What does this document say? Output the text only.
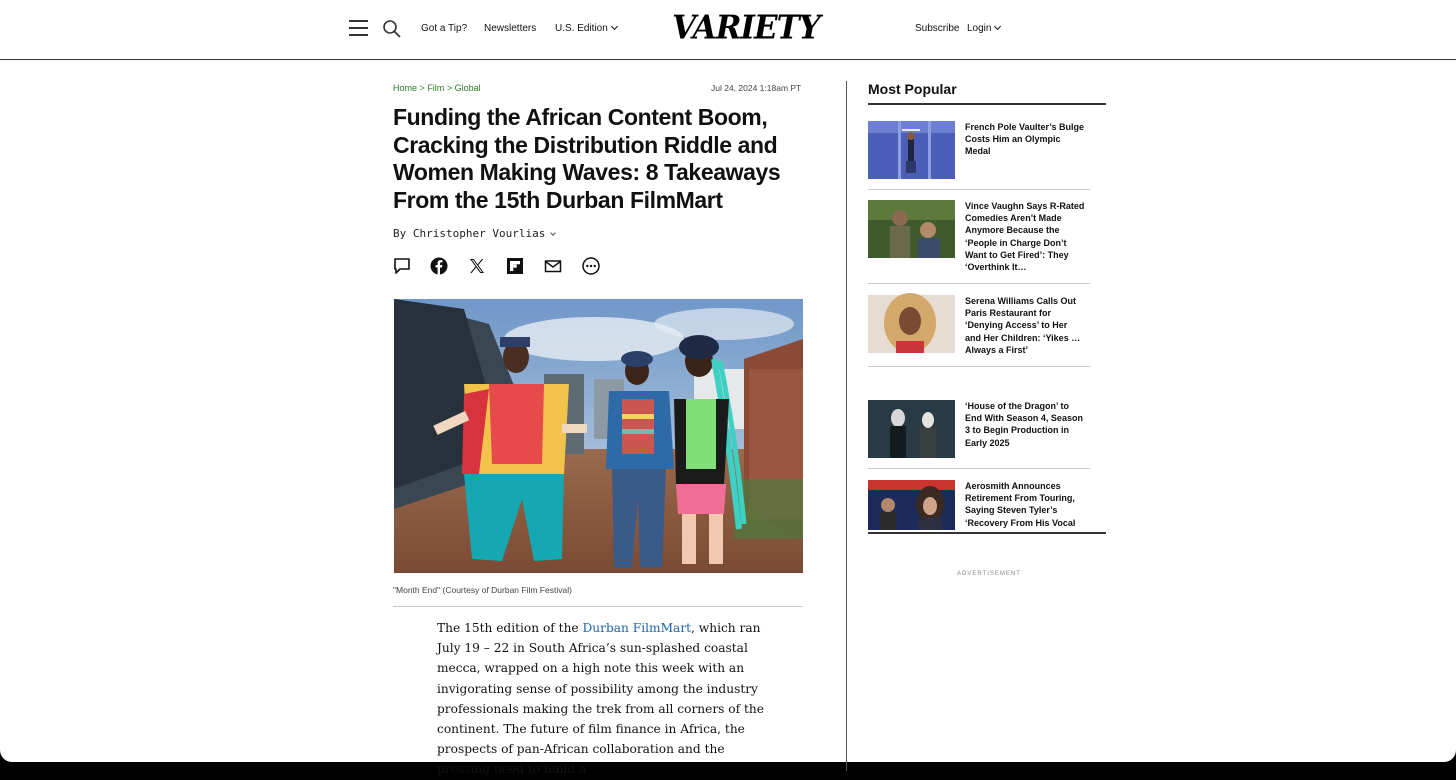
Got a Tip? Newsletters U.S. Edition VARIETY	Subscribe Login
Home > Film > Global	Jul 24, 2024 1:18am PT
Funding the African Content Boom, Cracking the Distribution Riddle and Women Making Waves: 8 Takeaways From the 15th Durban FilmMart
By Christopher Vourlias
"Month End" (Courtesy of Durban Film Festival)

The 15th edition of the Durban FilmMart, which ran July 19 – 22 in South Africa’s sun-splashed coastal mecca, wrapped on a high note this week with an invigorating sense of possibility among the industry professionals making the trek from all corners of the continent. The future of film finance in Africa, the prospects of pan-African collaboration and the pressing need to build a

Most Popular
French Pole Vaulter’s Bulge Costs Him an Olympic Medal
Vince Vaughn Says R-Rated Comedies Aren’t Made Anymore Because the ‘People in Charge Don’t Want to Get Fired’: They ‘Overthink It…
Serena Williams Calls Out Paris Restaurant for ‘Denying Access’ to Her and Her Children: ‘Yikes … Always a First’
‘House of the Dragon’ to End With Season 4, Season 3 to Begin Production in Early 2025
Aerosmith Announces Retirement From Touring, Saying Steven Tyler’s ‘Recovery From His Vocal
ADVERTISEMENT
